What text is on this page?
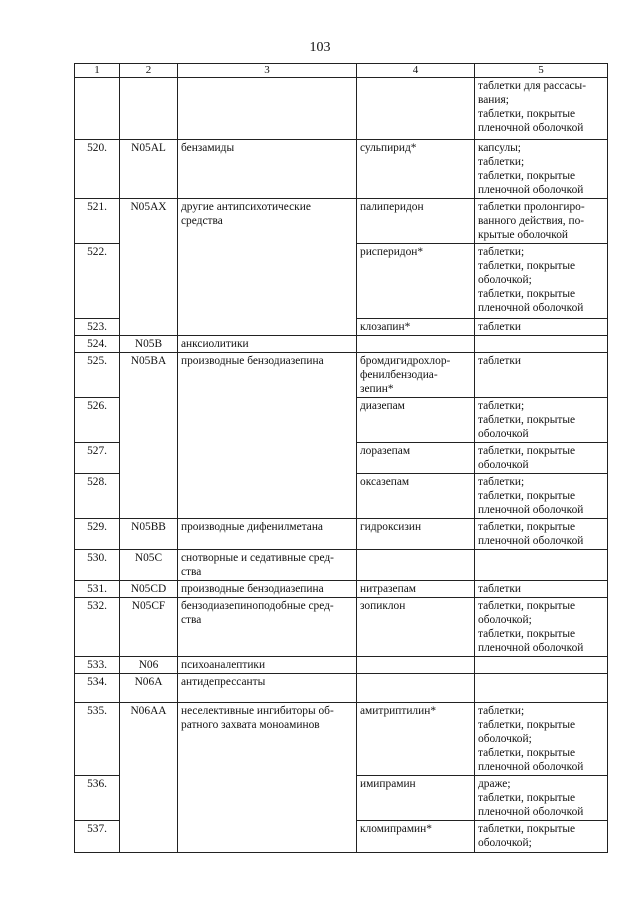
103
1	2	3	4	5

				таблетки для рассасы-
вания;
таблетки, покрытые
пленочной оболочкой

520.	N05AL	бензамиды	сульпирид*	капсулы;
таблетки;
таблетки, покрытые
пленочной оболочкой

521.	N05AX	другие антипсихотические
средства	палиперидон	таблетки пролонгиро-
ванного действия, по-
крытые оболочкой

522.			рисперидон*	таблетки;
таблетки, покрытые
оболочкой;
таблетки, покрытые
пленочной оболочкой

523.			клозапин*	таблетки

524.	N05B	анксиолитики		

525.	N05BA	производные бензодиазепина	бромдигидрохлор-
фенилбензодиа-
зепин*	таблетки

526.			диазепам	таблетки;
таблетки, покрытые
оболочкой

527.			лоразепам	таблетки, покрытые
оболочкой

528.			оксазепам	таблетки;
таблетки, покрытые
пленочной оболочкой

529.	N05BB	производные дифенилметана	гидроксизин	таблетки, покрытые
пленочной оболочкой

530.	N05C	снотворные и седативные сред-
ства		

531.	N05CD	производные бензодиазепина	нитразепам	таблетки

532.	N05CF	бензодиазепиноподобные сред-
ства	зопиклон	таблетки, покрытые
оболочкой;
таблетки, покрытые
пленочной оболочкой

533.	N06	психоаналептики		

534.	N06A	антидепрессанты		

535.	N06AA	неселективные ингибиторы об-
ратного захвата моноаминов	амитриптилин*	таблетки;
таблетки, покрытые
оболочкой;
таблетки, покрытые
пленочной оболочкой

536.			имипрамин	драже;
таблетки, покрытые
пленочной оболочкой

537.			кломипрамин*	таблетки, покрытые
оболочкой;
